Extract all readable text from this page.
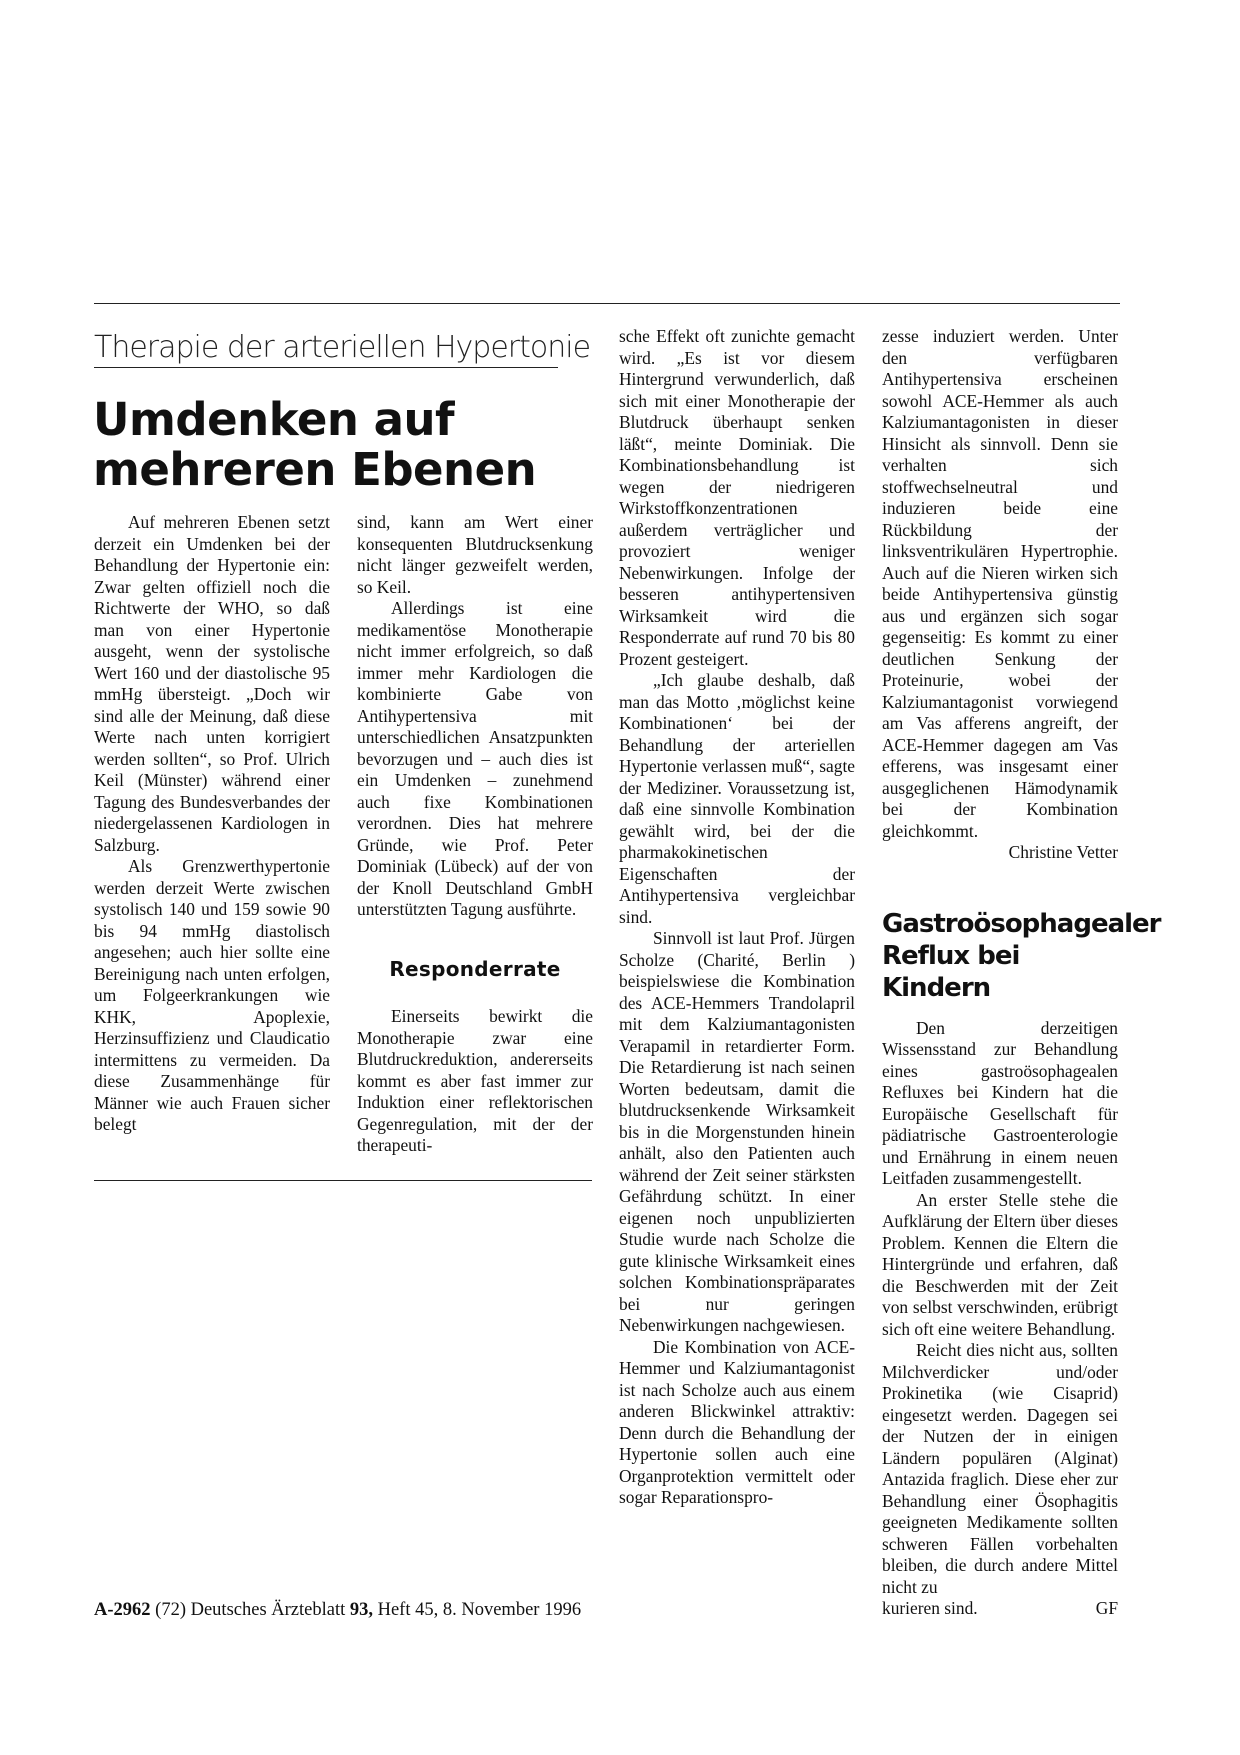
Therapie der arteriellen Hypertonie
Umdenken auf
mehreren Ebenen

Auf mehreren Ebenen setzt derzeit ein Umdenken bei der Behandlung der Hypertonie ein: Zwar gelten offiziell noch die Richtwerte der WHO, so daß man von einer Hypertonie ausgeht, wenn der systolische Wert 160 und der diastolische 95 mmHg übersteigt. „Doch wir sind alle der Meinung, daß diese Werte nach unten korrigiert werden sollten“, so Prof. Ulrich Keil (Münster) während einer Tagung des Bundesverbandes der niedergelassenen Kardiologen in Salzburg.

Als Grenzwerthypertonie werden derzeit Werte zwischen systolisch 140 und 159 sowie 90 bis 94 mmHg diastolisch angesehen; auch hier sollte eine Bereinigung nach unten erfolgen, um Folgeerkrankungen wie KHK, Apoplexie, Herzinsuffizienz und Claudicatio intermittens zu vermeiden. Da diese Zusammenhänge für Männer wie auch Frauen sicher belegt

sind, kann am Wert einer konsequenten Blutdrucksenkung nicht länger gezweifelt werden, so Keil.

Allerdings ist eine medikamentöse Monotherapie nicht immer erfolgreich, so daß immer mehr Kardiologen die kombinierte Gabe von Antihypertensiva mit unterschiedlichen Ansatzpunkten bevorzugen und – auch dies ist ein Umdenken – zunehmend auch fixe Kombinationen verordnen. Dies hat mehrere Gründe, wie Prof. Peter Dominiak (Lübeck) auf der von der Knoll Deutschland GmbH unterstützten Tagung ausführte.

Responderrate

Einerseits bewirkt die Monotherapie zwar eine Blutdruckreduktion, andererseits kommt es aber fast immer zur Induktion einer reflektorischen Gegenregulation, mit der der therapeuti-

sche Effekt oft zunichte gemacht wird. „Es ist vor diesem Hintergrund verwunderlich, daß sich mit einer Monotherapie der Blutdruck überhaupt senken läßt“, meinte Dominiak. Die Kombinationsbehandlung ist wegen der niedrigeren Wirkstoffkonzentrationen außerdem verträglicher und provoziert weniger Nebenwirkungen. Infolge der besseren antihypertensiven Wirksamkeit wird die Responderrate auf rund 70 bis 80 Prozent gesteigert.

„Ich glaube deshalb, daß man das Motto ‚möglichst keine Kombinationen‘ bei der Behandlung der arteriellen Hypertonie verlassen muß“, sagte der Mediziner. Voraussetzung ist, daß eine sinnvolle Kombination gewählt wird, bei der die pharmakokinetischen Eigenschaften der Antihypertensiva vergleichbar sind.

Sinnvoll ist laut Prof. Jürgen Scholze (Charité, Berlin ) beispielswiese die Kombination des ACE-Hemmers Trandolapril mit dem Kalziumantagonisten Verapamil in retardierter Form. Die Retardierung ist nach seinen Worten bedeutsam, damit die blutdrucksenkende Wirksamkeit bis in die Morgenstunden hinein anhält, also den Patienten auch während der Zeit seiner stärksten Gefährdung schützt. In einer eigenen noch unpublizierten Studie wurde nach Scholze die gute klinische Wirksamkeit eines solchen Kombinationspräparates bei nur geringen Nebenwirkungen nachgewiesen.

Die Kombination von ACE-Hemmer und Kalziumantagonist ist nach Scholze auch aus einem anderen Blickwinkel attraktiv: Denn durch die Behandlung der Hypertonie sollen auch eine Organprotektion vermittelt oder sogar Reparationspro-

zesse induziert werden. Unter den verfügbaren Antihypertensiva erscheinen sowohl ACE-Hemmer als auch Kalziumantagonisten in dieser Hinsicht als sinnvoll. Denn sie verhalten sich stoffwechselneutral und induzieren beide eine Rückbildung der linksventrikulären Hypertrophie. Auch auf die Nieren wirken sich beide Antihypertensiva günstig aus und ergänzen sich sogar gegenseitig: Es kommt zu einer deutlichen Senkung der Proteinurie, wobei der Kalziumantagonist vorwiegend am Vas afferens angreift, der ACE-Hemmer dagegen am Vas efferens, was insgesamt einer ausgeglichenen Hämodynamik bei der Kombination gleichkommt.

Christine Vetter
Gastroösophagealer
Reflux bei Kindern

Den derzeitigen Wissensstand zur Behandlung eines gastroösophagealen Refluxes bei Kindern hat die Europäische Gesellschaft für pädiatrische Gastroenterologie und Ernährung in einem neuen Leitfaden zusammengestellt.

An erster Stelle stehe die Aufklärung der Eltern über dieses Problem. Kennen die Eltern die Hintergründe und erfahren, daß die Beschwerden mit der Zeit von selbst verschwinden, erübrigt sich oft eine weitere Behandlung.

Reicht dies nicht aus, sollten Milchverdicker und/oder Prokinetika (wie Cisaprid) eingesetzt werden. Dagegen sei der Nutzen der in einigen Ländern populären (Alginat) Antazida fraglich. Diese eher zur Behandlung einer Ösophagitis geeigneten Medikamente sollten schweren Fällen vorbehalten bleiben, die durch andere Mittel nicht zu

kurieren sind.	GF
A-2962 (72) Deutsches Ärzteblatt 93, Heft 45, 8. November 1996
